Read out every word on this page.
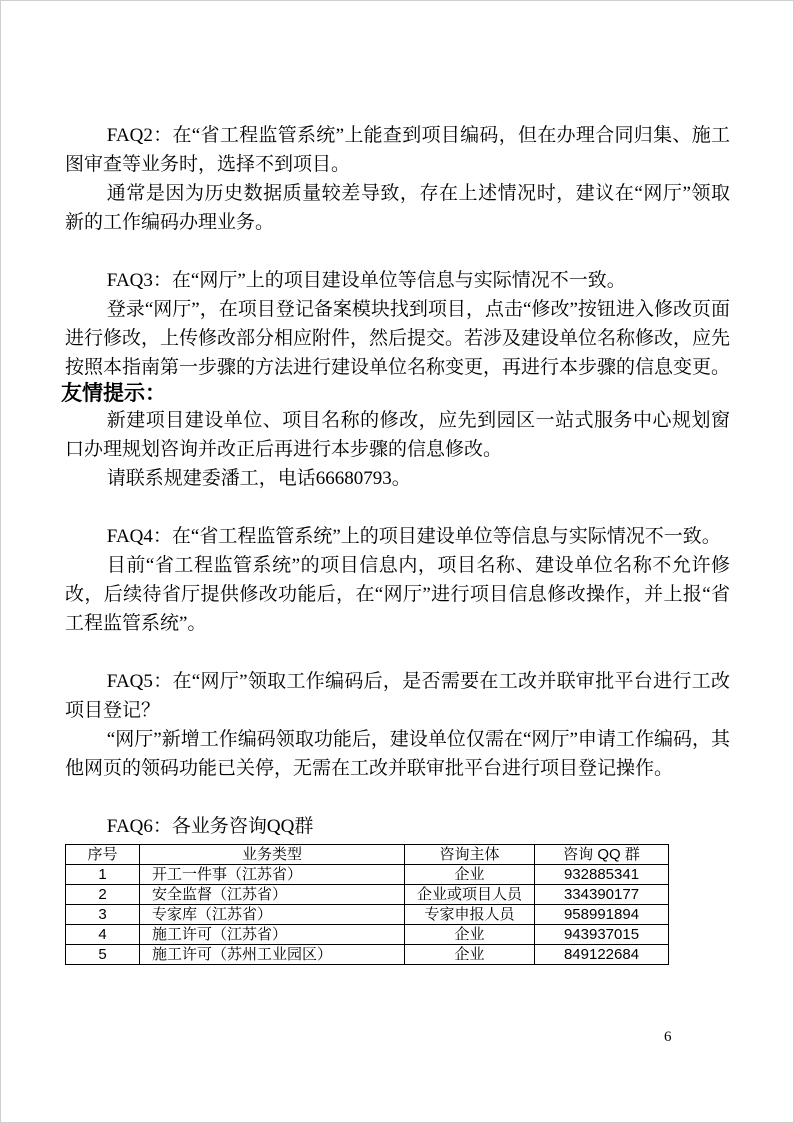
FAQ2：在“省工程监管系统”上能查到项目编码，但在办理合同归集、施工图审查等业务时，选择不到项目。

通常是因为历史数据质量较差导致，存在上述情况时，建议在“网厅”领取新的工作编码办理业务。

FAQ3：在“网厅”上的项目建设单位等信息与实际情况不一致。

登录“网厅”，在项目登记备案模块找到项目，点击“修改”按钮进入修改页面进行修改，上传修改部分相应附件，然后提交。若涉及建设单位名称修改，应先按照本指南第一步骤的方法进行建设单位名称变更，再进行本步骤的信息变更。

友情提示：

新建项目建设单位、项目名称的修改，应先到园区一站式服务中心规划窗口办理规划咨询并改正后再进行本步骤的信息修改。

请联系规建委潘工，电话66680793。

FAQ4：在“省工程监管系统”上的项目建设单位等信息与实际情况不一致。

目前“省工程监管系统”的项目信息内，项目名称、建设单位名称不允许修改，后续待省厅提供修改功能后，在“网厅”进行项目信息修改操作，并上报“省工程监管系统”。

FAQ5：在“网厅”领取工作编码后，是否需要在工改并联审批平台进行工改项目登记？

“网厅”新增工作编码领取功能后，建设单位仅需在“网厅”申请工作编码，其他网页的领码功能已关停，无需在工改并联审批平台进行项目登记操作。

FAQ6：各业务咨询QQ群

序号	业务类型	咨询主体	咨询 QQ 群
1	开工一件事（江苏省）	企业	932885341
2	安全监督（江苏省）	企业或项目人员	334390177
3	专家库（江苏省）	专家申报人员	958991894
4	施工许可（江苏省）	企业	943937015
5	施工许可（苏州工业园区）	企业	849122684
6
